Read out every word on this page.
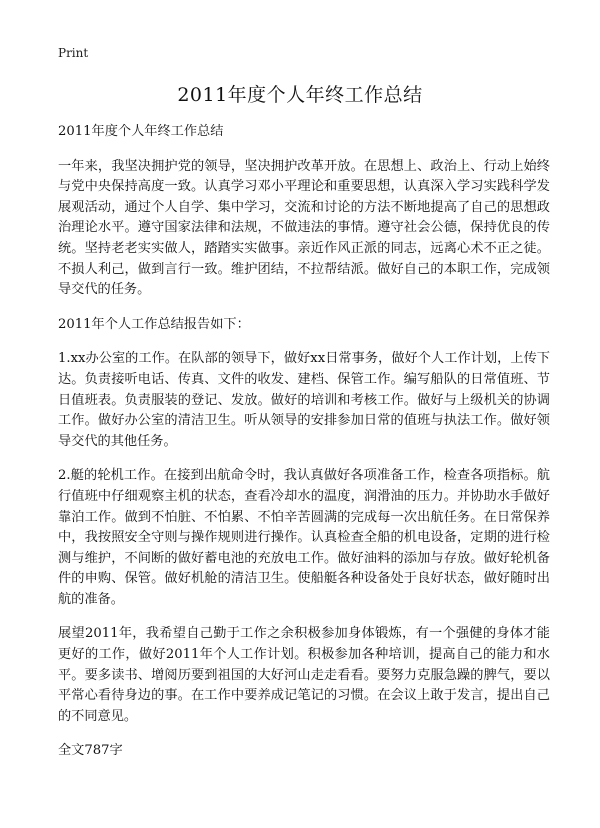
Print
2011年度个人年终工作总结

2011年度个人年终工作总结

一年来，我坚决拥护党的领导，坚决拥护改革开放。在思想上、政治上、行动上始终与党中央保持高度一致。认真学习邓小平理论和重要思想，认真深入学习实践科学发展观活动，通过个人自学、集中学习，交流和讨论的方法不断地提高了自己的思想政治理论水平。遵守国家法律和法规，不做违法的事情。遵守社会公德，保持优良的传统。坚持老老实实做人，踏踏实实做事。亲近作风正派的同志，远离心术不正之徒。不损人利己，做到言行一致。维护团结，不拉帮结派。做好自己的本职工作，完成领导交代的任务。

2011年个人工作总结报告如下：

1.xx办公室的工作。在队部的领导下，做好xx日常事务，做好个人工作计划，上传下达。负责接听电话、传真、文件的收发、建档、保管工作。编写船队的日常值班、节日值班表。负责服装的登记、发放。做好的培训和考核工作。做好与上级机关的协调工作。做好办公室的清洁卫生。听从领导的安排参加日常的值班与执法工作。做好领导交代的其他任务。

2.艇的轮机工作。在接到出航命令时，我认真做好各项准备工作，检查各项指标。航行值班中仔细观察主机的状态，查看冷却水的温度，润滑油的压力。并协助水手做好靠泊工作。做到不怕脏、不怕累、不怕辛苦圆满的完成每一次出航任务。在日常保养中，我按照安全守则与操作规则进行操作。认真检查全船的机电设备，定期的进行检测与维护，不间断的做好蓄电池的充放电工作。做好油料的添加与存放。做好轮机备件的申购、保管。做好机舱的清洁卫生。使船艇各种设备处于良好状态，做好随时出航的准备。

展望2011年，我希望自己勤于工作之余积极参加身体锻炼，有一个强健的身体才能更好的工作，做好2011年个人工作计划。积极参加各种培训，提高自己的能力和水平。要多读书、增阅历要到祖国的大好河山走走看看。要努力克服急躁的脾气，要以平常心看待身边的事。在工作中要养成记笔记的习惯。在会议上敢于发言，提出自己的不同意见。

全文787字
